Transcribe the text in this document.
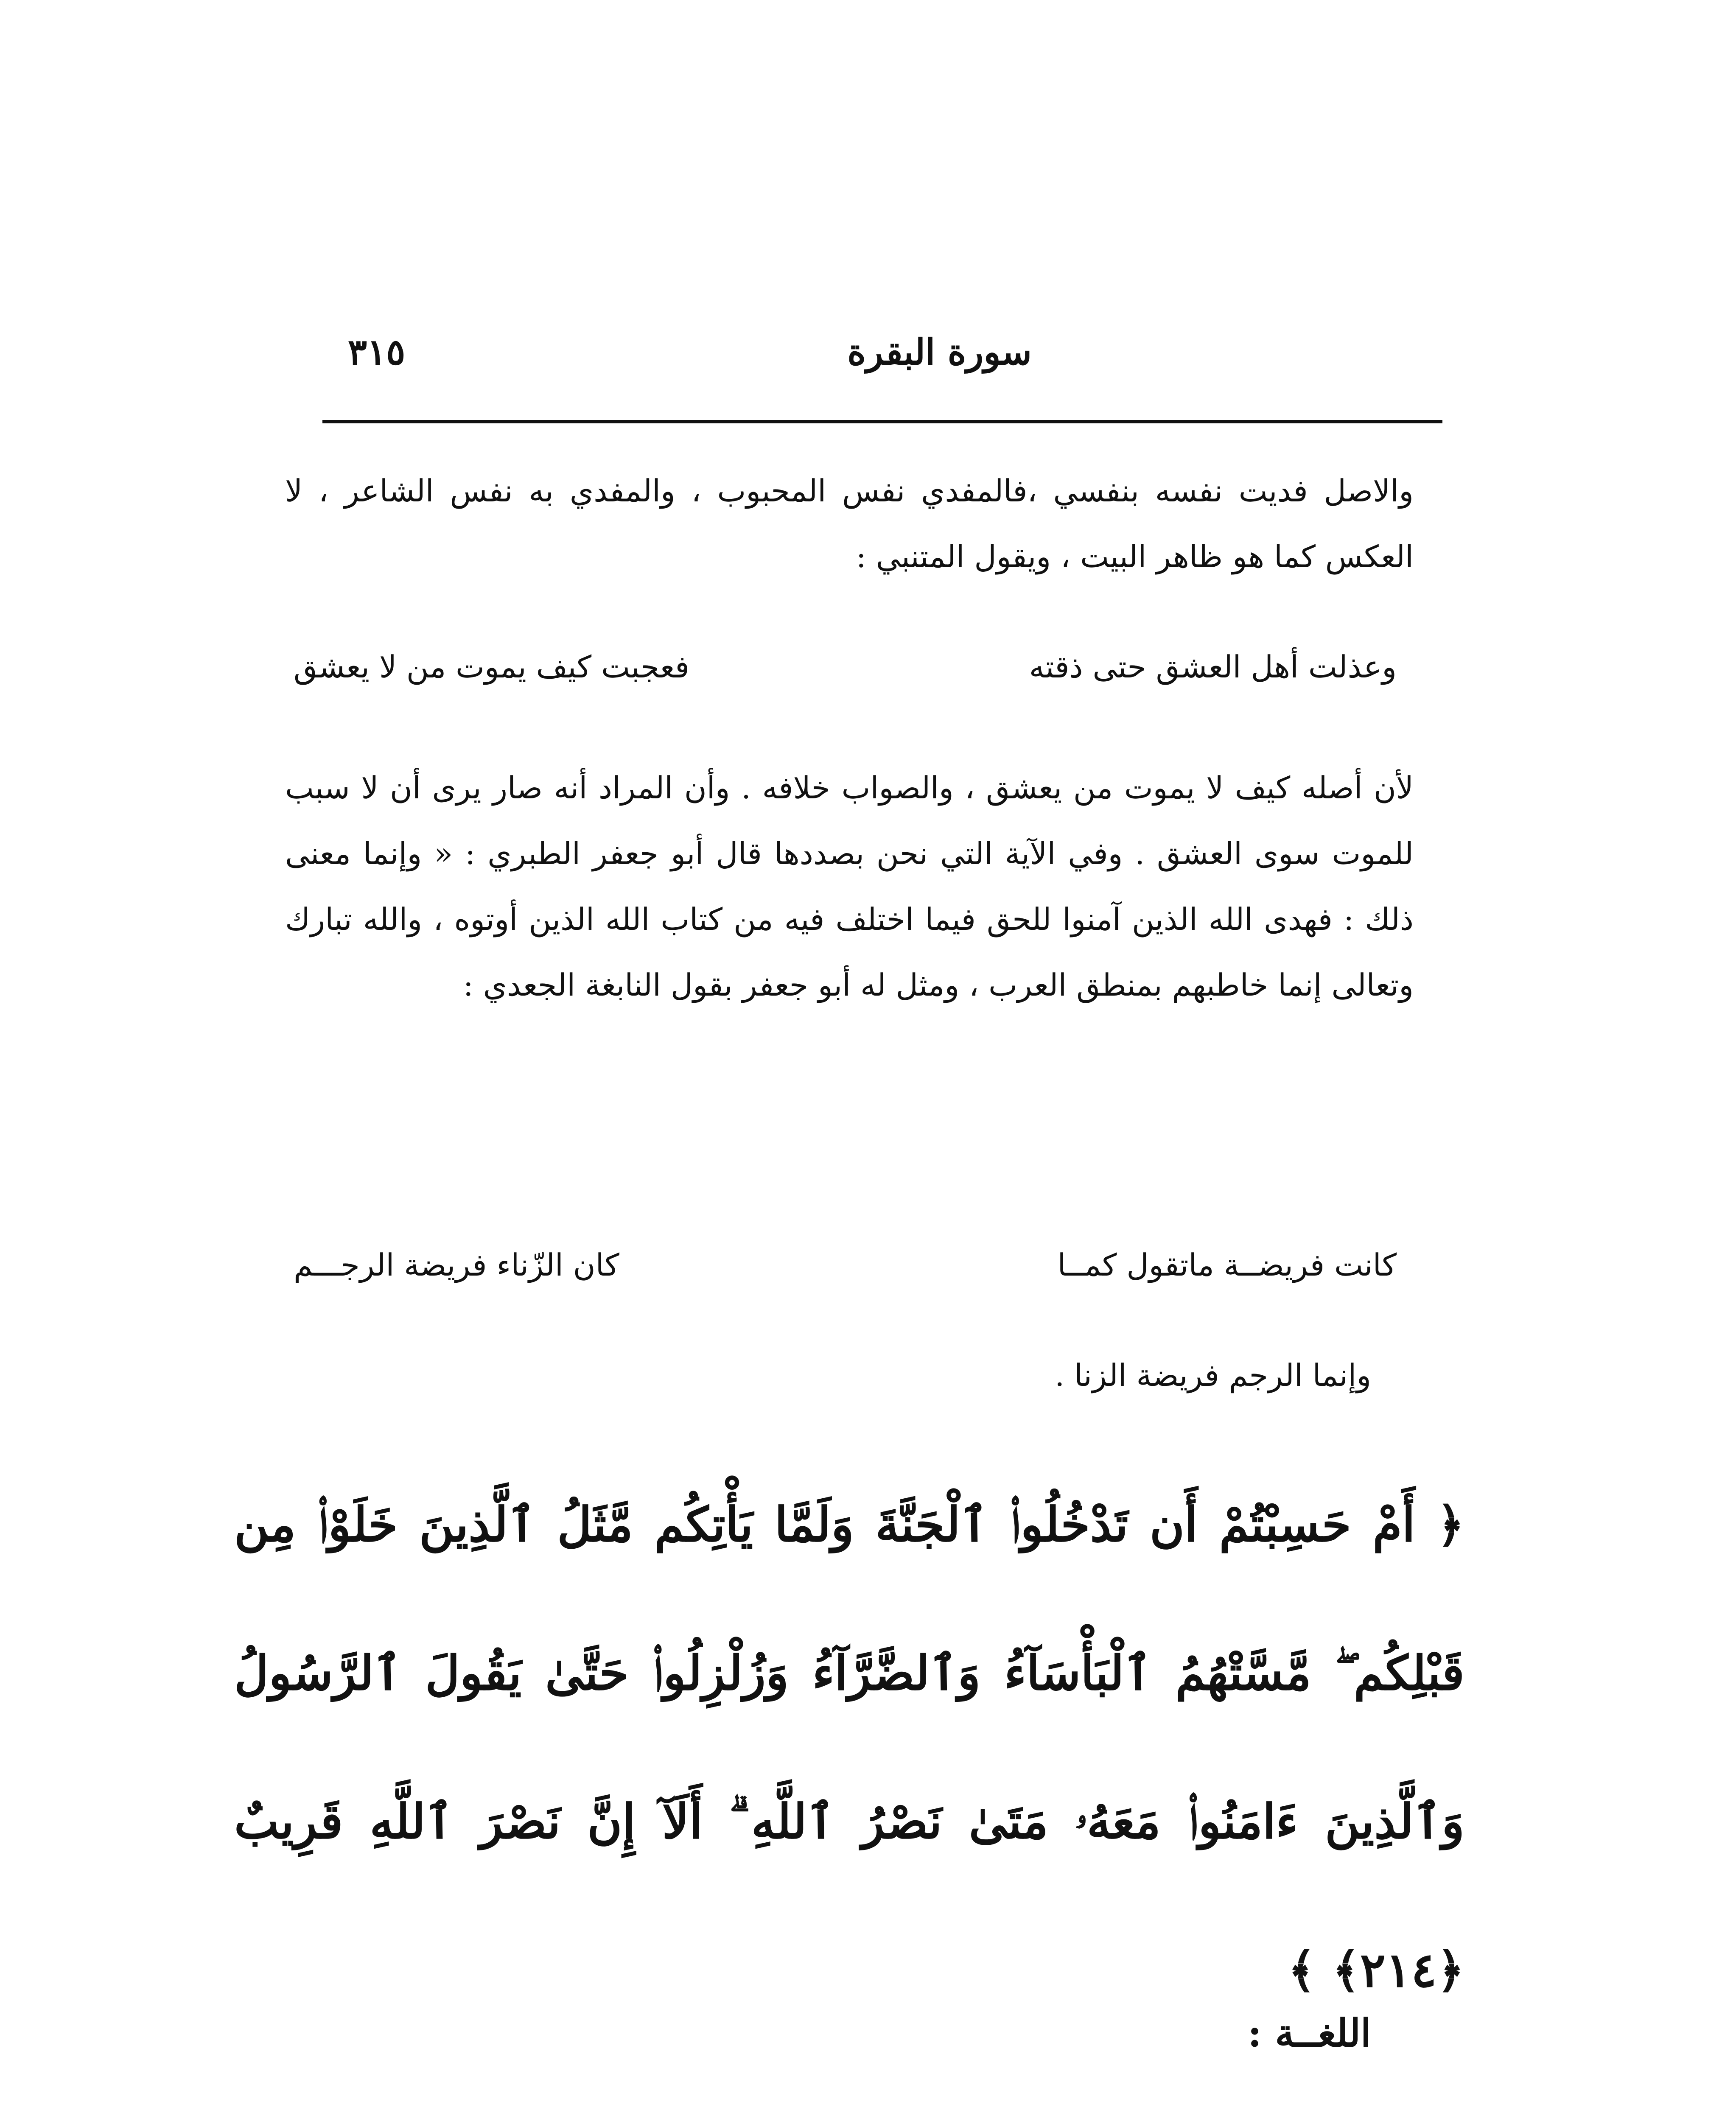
سورة البقرة
٣١٥
والاصل فديت نفسه بنفسي ،فالمفدي نفس المحبوب ، والمفدي به نفس الشاعر ، لا العكس كما هو ظاهر البيت ، ويقول المتنبي :
وعذلت أهل العشق حتى ذقته
فعجبت كيف يموت من لا يعشق
لأن أصله كيف لا يموت من يعشق ، والصواب خلافه . وأن المراد أنه صار يرى أن لا سبب للموت سوى العشق . وفي الآية التي نحن بصددها قال أبو جعفر الطبري : « وإنما معنى ذلك : فهدى الله الذين آمنوا للحق فيما اختلف فيه من كتاب الله الذين أوتوه ، والله تبارك وتعالى إنما خاطبهم بمنطق العرب ، ومثل له أبو جعفر بقول النابغة الجعدي :
كانت فريضــة ماتقول كمــا
كان الزّناء فريضة الرجـــم
وإنما الرجم فريضة الزنا .
﴿ أَمْ حَسِبْتُمْ أَن تَدْخُلُوا۟ ٱلْجَنَّةَ وَلَمَّا يَأْتِكُم مَّثَلُ ٱلَّذِينَ خَلَوْا۟ مِن قَبْلِكُم ۖ مَّسَّتْهُمُ ٱلْبَأْسَآءُ وَٱلضَّرَّآءُ وَزُلْزِلُوا۟ حَتَّىٰ يَقُولَ ٱلرَّسُولُ وَٱلَّذِينَ ءَامَنُوا۟ مَعَهُۥ مَتَىٰ نَصْرُ ٱللَّهِ ۗ أَلَآ إِنَّ نَصْرَ ٱللَّهِ قَرِيبٌ ﴿٢١٤﴾ ﴾
اللغــة :
